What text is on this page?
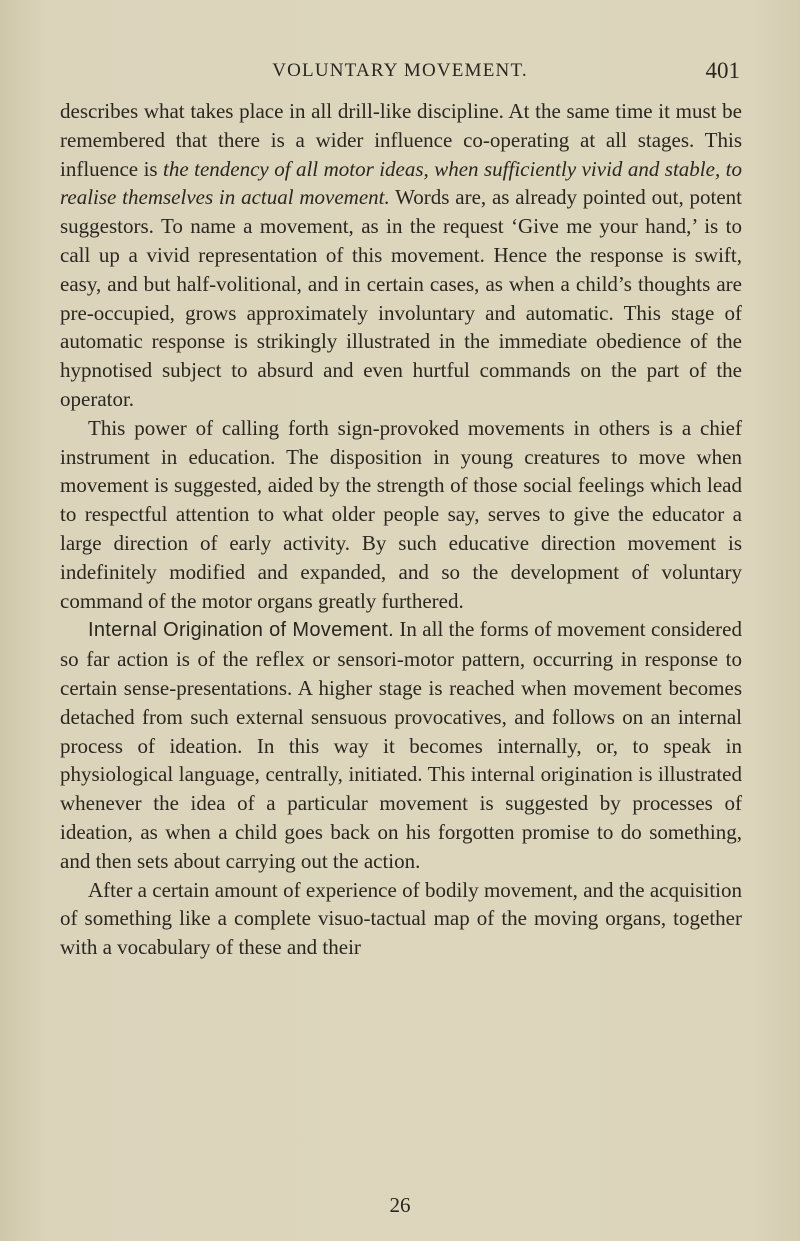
VOLUNTARY MOVEMENT.	401

describes what takes place in all drill-like discipline. At the same time it must be remembered that there is a wider influence co-operating at all stages. This influence is the tendency of all motor ideas, when sufficiently vivid and stable, to realise themselves in actual movement. Words are, as already pointed out, potent suggestors. To name a movement, as in the request ‘Give me your hand,’ is to call up a vivid representation of this movement. Hence the response is swift, easy, and but half-volitional, and in certain cases, as when a child’s thoughts are pre-occupied, grows approximately involuntary and automatic. This stage of automatic response is strikingly illustrated in the immediate obedience of the hypnotised subject to absurd and even hurtful commands on the part of the operator.

This power of calling forth sign-provoked movements in others is a chief instrument in education. The disposition in young creatures to move when movement is suggested, aided by the strength of those social feelings which lead to respectful attention to what older people say, serves to give the educator a large direction of early activity. By such educative direction movement is indefinitely modified and expanded, and so the development of voluntary command of the motor organs greatly furthered.

Internal Origination of Movement. In all the forms of movement considered so far action is of the reflex or sensori-motor pattern, occurring in response to certain sense-presentations. A higher stage is reached when movement becomes detached from such external sensuous provocatives, and follows on an internal process of ideation. In this way it becomes internally, or, to speak in physiological language, centrally, initiated. This internal origination is illustrated whenever the idea of a particular movement is suggested by processes of ideation, as when a child goes back on his forgotten promise to do something, and then sets about carrying out the action.

After a certain amount of experience of bodily movement, and the acquisition of something like a complete visuo-tactual map of the moving organs, together with a vocabulary of these and their

26
